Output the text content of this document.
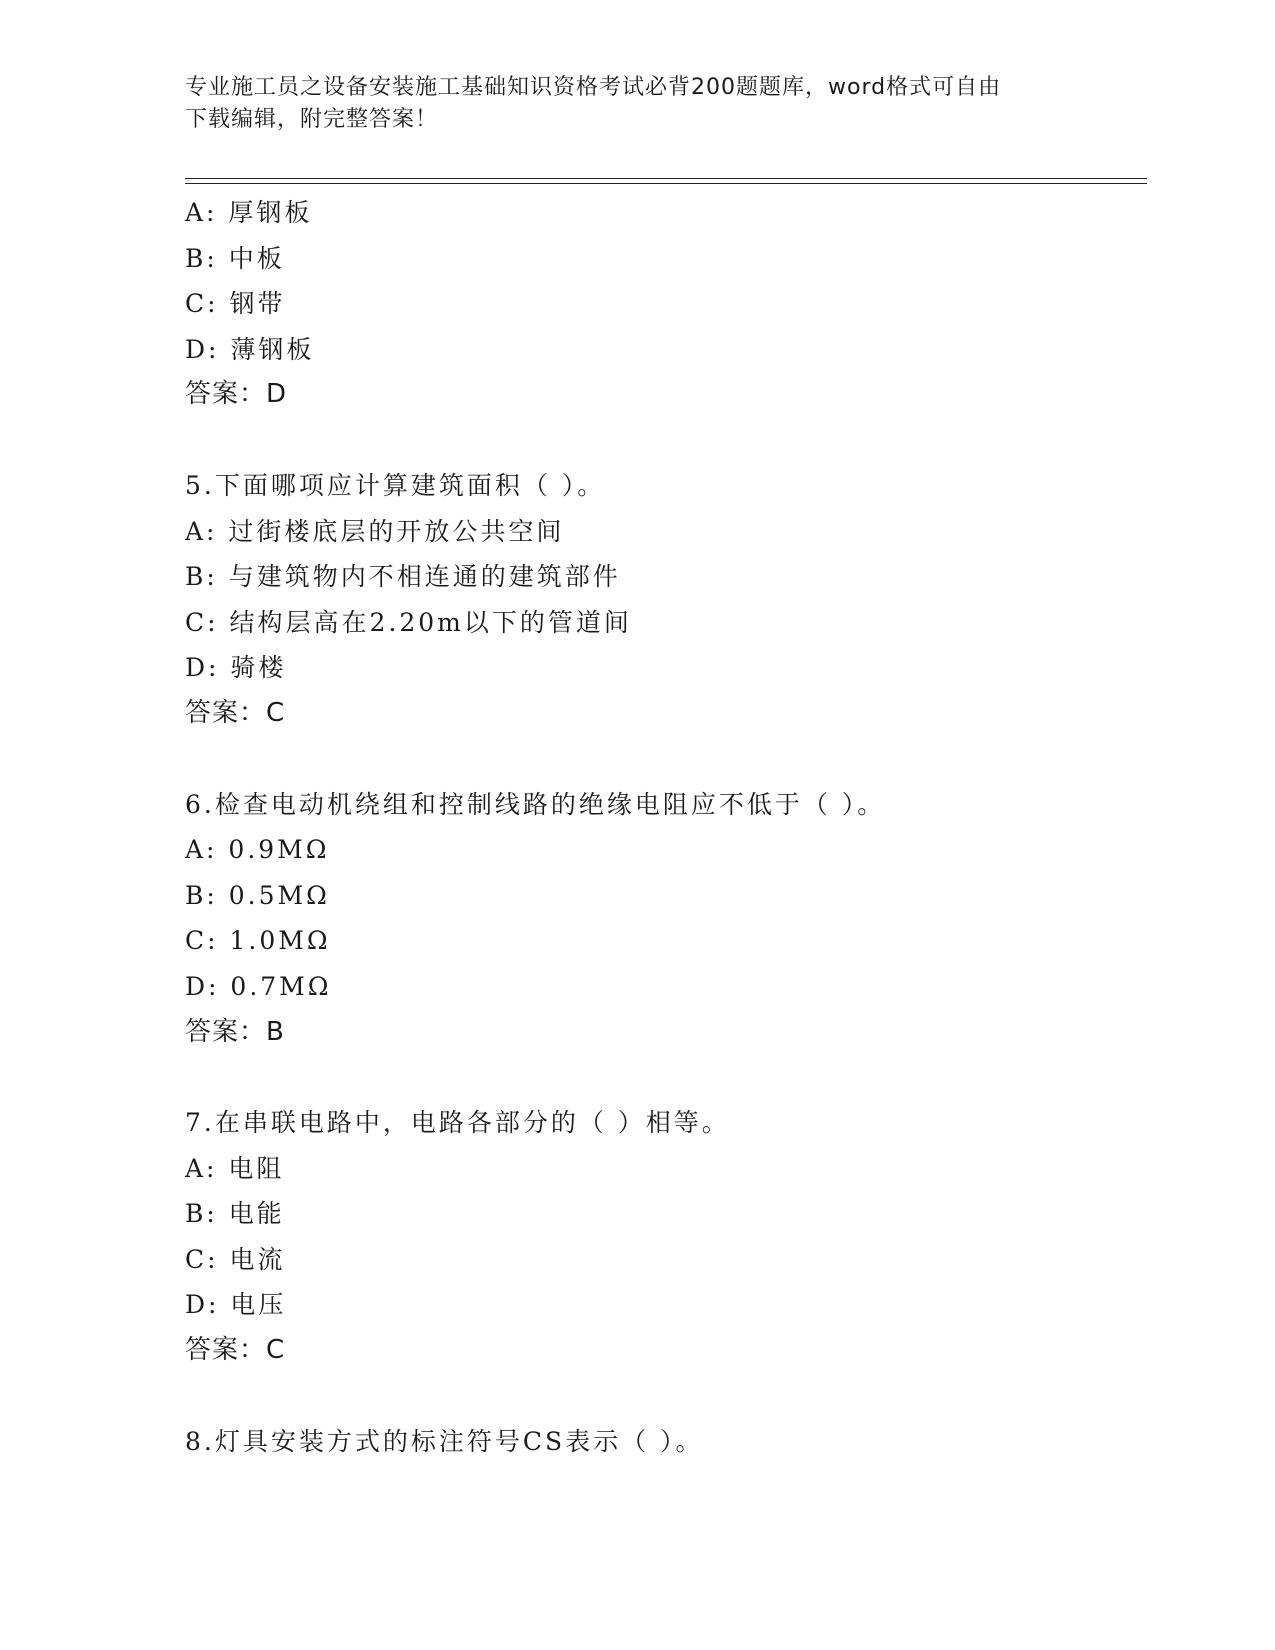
专业施工员之设备安装施工基础知识资格考试必背200题题库，word格式可自由
下载编辑，附完整答案！
A: 厚钢板
B: 中板
C: 钢带
D: 薄钢板
答案：D
5.下面哪项应计算建筑面积（ ）。
A: 过街楼底层的开放公共空间
B: 与建筑物内不相连通的建筑部件
C: 结构层高在2.20m以下的管道间
D: 骑楼
答案：C
6.检查电动机绕组和控制线路的绝缘电阻应不低于（ ）。
A: 0.9MΩ
B: 0.5MΩ
C: 1.0MΩ
D: 0.7MΩ
答案：B
7.在串联电路中，电路各部分的（ ）相等。
A: 电阻
B: 电能
C: 电流
D: 电压
答案：C
8.灯具安装方式的标注符号CS表示（ ）。
